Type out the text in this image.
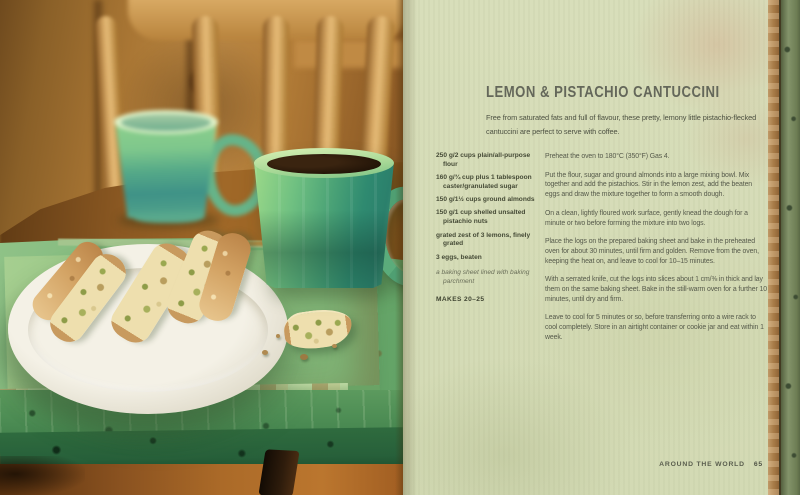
LEMON & PISTACHIO CANTUCCINI

Free from saturated fats and full of flavour, these pretty, lemony little pistachio-flecked cantuccini are perfect to serve with coffee.

250 g/2 cups plain/all-purpose flour

160 g/¾ cup plus 1 tablespoon caster/granulated sugar

150 g/1½ cups ground almonds

150 g/1 cup shelled unsalted pistachio nuts

grated zest of 3 lemons, finely grated

3 eggs, beaten

a baking sheet lined with baking parchment

MAKES 20–25

Preheat the oven to 180°C (350°F) Gas 4.

Put the flour, sugar and ground almonds into a large mixing bowl. Mix together and add the pistachios. Stir in the lemon zest, add the beaten eggs and draw the mixture together to form a smooth dough.

On a clean, lightly floured work surface, gently knead the dough for a minute or two before forming the mixture into two logs.

Place the logs on the prepared baking sheet and bake in the preheated oven for about 30 minutes, until firm and golden. Remove from the oven, keeping the heat on, and leave to cool for 10–15 minutes.

With a serrated knife, cut the logs into slices about 1 cm/⅜ in thick and lay them on the same baking sheet. Bake in the still-warm oven for a further 10 minutes, until dry and firm.

Leave to cool for 5 minutes or so, before transferring onto a wire rack to cool completely. Store in an airtight container or cookie jar and eat within 1 week.

AROUND THE WORLD 65
